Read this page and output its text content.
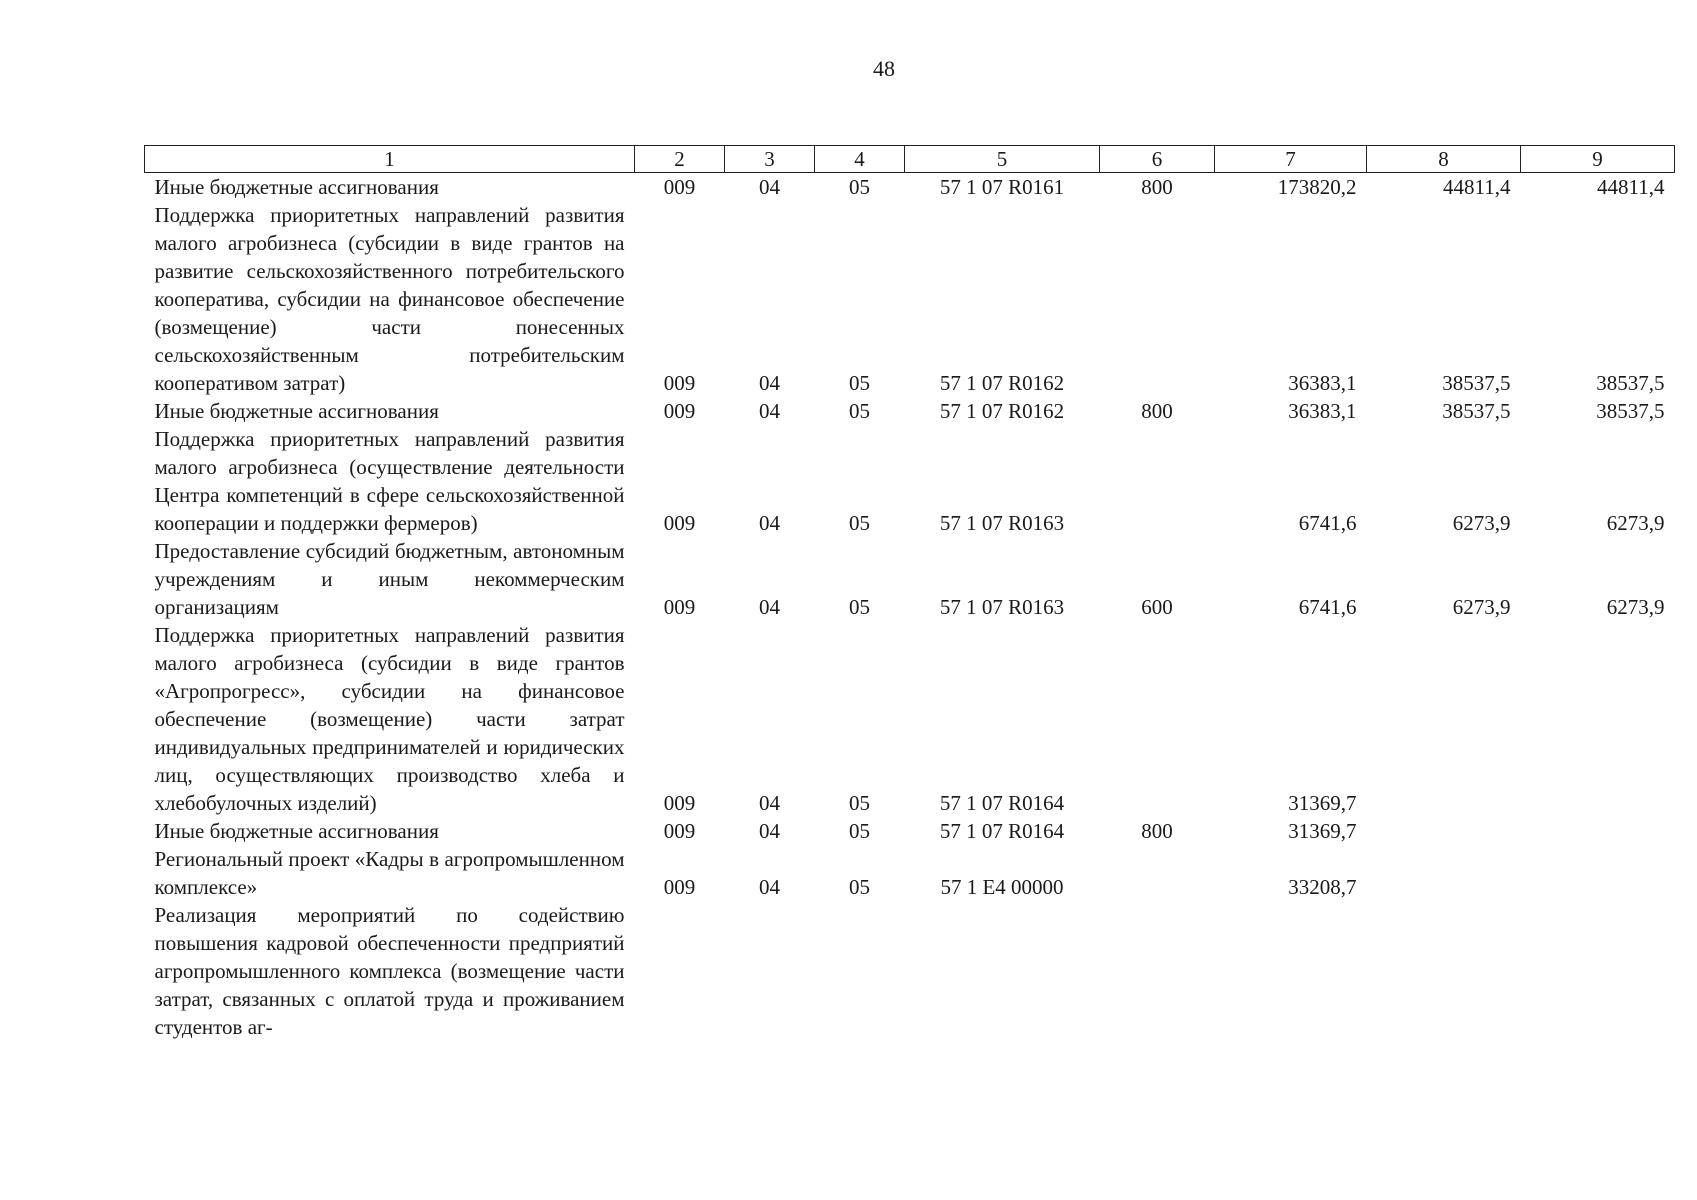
48
1	2	3	4	5	6	7	8	9
Иные бюджетные ассигнования	009	04	05	57 1 07 R0161	800	173820,2	44811,4	44811,4
Поддержка приоритетных направлений развития малого агробизнеса (субсидии в виде грантов на развитие сельскохозяйственного потребительского кооператива, субсидии на финансовое обеспечение (возмещение) части понесенных сельскохозяйственным потребительским кооперативом затрат)	009	04	05	57 1 07 R0162		36383,1	38537,5	38537,5
Иные бюджетные ассигнования	009	04	05	57 1 07 R0162	800	36383,1	38537,5	38537,5
Поддержка приоритетных направлений развития малого агробизнеса (осуществление деятельности Центра компетенций в сфере сельскохозяйственной кооперации и поддержки фермеров)	009	04	05	57 1 07 R0163		6741,6	6273,9	6273,9
Предоставление субсидий бюджетным, автономным учреждениям и иным некоммерческим организациям	009	04	05	57 1 07 R0163	600	6741,6	6273,9	6273,9
Поддержка приоритетных направлений развития малого агробизнеса (субсидии в виде грантов «Агропрогресс», субсидии на финансовое обеспечение (возмещение) части затрат индивидуальных предпринимателей и юридических лиц, осуществляющих производство хлеба и хлебобулочных изделий)	009	04	05	57 1 07 R0164		31369,7		
Иные бюджетные ассигнования	009	04	05	57 1 07 R0164	800	31369,7		
Региональный проект «Кадры в агропромышленном комплексе»	009	04	05	57 1 E4 00000		33208,7		
Реализация мероприятий по содействию повышения кадровой обеспеченности предприятий агропромышленного комплекса (возмещение части затрат, связанных с оплатой труда и проживанием студентов аг-								
